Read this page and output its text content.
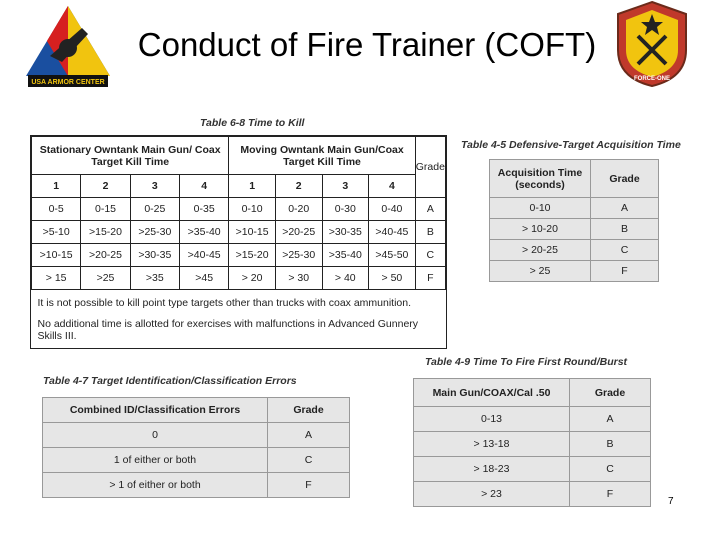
USA ARMOR CENTER
Conduct of Fire Trainer (COFT)
FORCE-ONE
Table 6-8 Time to Kill
Stationary Owntank Main Gun/ Coax Target Kill Time				Moving Owntank Main Gun/Coax Target Kill Time				Grade
1	2	3	4	1	2	3	4	
0-5	0-15	0-25	0-35	0-10	0-20	0-30	0-40	A
>5-10	>15-20	>25-30	>35-40	>10-15	>20-25	>30-35	>40-45	B
>10-15	>20-25	>30-35	>40-45	>15-20	>25-30	>35-40	>45-50	C
> 15	>25	>35	>45	> 20	> 30	> 40	> 50	F
It is not possible to kill point type targets other than trucks with coax ammunition.								
No additional time is allotted for exercises with malfunctions in Advanced Gunnery Skills III.								
Table 4-5 Defensive-Target Acquisition Time
Acquisition Time (seconds)	Grade
0-10	A
> 10-20	B
> 20-25	C
> 25	F
Table 4-9 Time To Fire First Round/Burst
Main Gun/COAX/Cal .50	Grade
0-13	A
> 13-18	B
> 18-23	C
> 23	F
Table 4-7 Target Identification/Classification Errors
Combined ID/Classification Errors	Grade
0	A
1 of either or both	C
> 1 of either or both	F
7
